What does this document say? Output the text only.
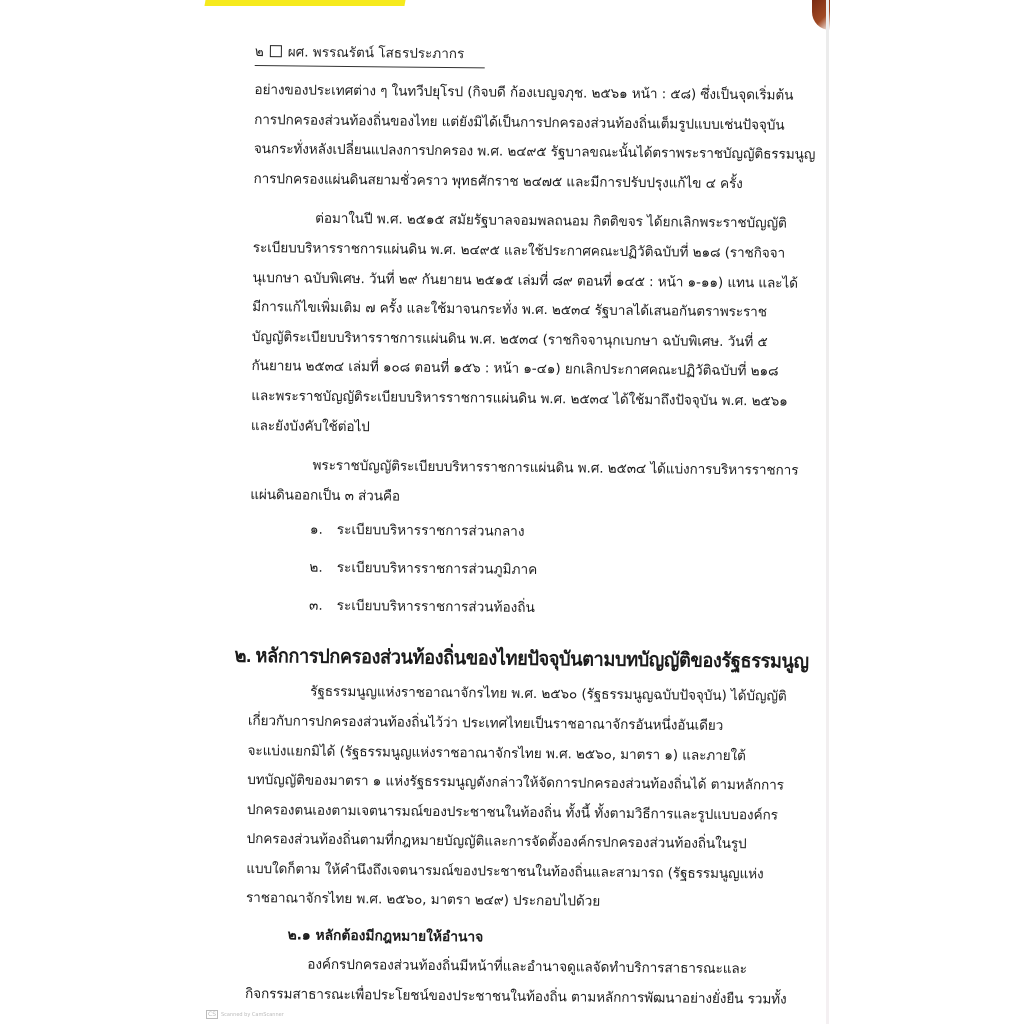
๒ ผศ. พรรณรัตน์ โสธรประภากร

อย่างของประเทศต่าง ๆ ในทวีปยุโรป (กิจบดี ก้องเบญจภุช. ๒๕๖๑ หน้า : ๕๘) ซึ่งเป็นจุดเริ่มต้น

การปกครองส่วนท้องถิ่นของไทย แต่ยังมิได้เป็นการปกครองส่วนท้องถิ่นเต็มรูปแบบเช่นปัจจุบัน

จนกระทั่งหลังเปลี่ยนแปลงการปกครอง พ.ศ. ๒๔๙๕ รัฐบาลขณะนั้นได้ตราพระราชบัญญัติธรรมนูญ

การปกครองแผ่นดินสยามชั่วคราว พุทธศักราช ๒๔๗๕ และมีการปรับปรุงแก้ไข ๔ ครั้ง

ต่อมาในปี พ.ศ. ๒๕๑๕ สมัยรัฐบาลจอมพลถนอม กิตติขจร ได้ยกเลิกพระราชบัญญัติ

ระเบียบบริหารราชการแผ่นดิน พ.ศ. ๒๔๙๕ และใช้ประกาศคณะปฏิวัติฉบับที่ ๒๑๘ (ราชกิจจา

นุเบกษา ฉบับพิเศษ. วันที่ ๒๙ กันยายน ๒๕๑๕ เล่มที่ ๘๙ ตอนที่ ๑๔๕ : หน้า ๑-๑๑) แทน และได้

มีการแก้ไขเพิ่มเติม ๗ ครั้ง และใช้มาจนกระทั่ง พ.ศ. ๒๕๓๔ รัฐบาลได้เสนอกันตราพระราช

บัญญัติระเบียบบริหารราชการแผ่นดิน พ.ศ. ๒๕๓๔ (ราชกิจจานุกเบกษา ฉบับพิเศษ. วันที่ ๕

กันยายน ๒๕๓๔ เล่มที่ ๑๐๘ ตอนที่ ๑๕๖ : หน้า ๑-๔๑) ยกเลิกประกาศคณะปฏิวัติฉบับที่ ๒๑๘

และพระราชบัญญัติระเบียบบริหารราชการแผ่นดิน พ.ศ. ๒๕๓๔ ได้ใช้มาถึงปัจจุบัน พ.ศ. ๒๕๖๑

และยังบังคับใช้ต่อไป

พระราชบัญญัติระเบียบบริหารราชการแผ่นดิน พ.ศ. ๒๕๓๔ ได้แบ่งการบริหารราชการ

แผ่นดินออกเป็น ๓ ส่วนคือ

๑. ระเบียบบริหารราชการส่วนกลาง
๒. ระเบียบบริหารราชการส่วนภูมิภาค
๓. ระเบียบบริหารราชการส่วนท้องถิ่น
๒. หลักการปกครองส่วนท้องถิ่นของไทยปัจจุบันตามบทบัญญัติของรัฐธรรมนูญ

รัฐธรรมนูญแห่งราชอาณาจักรไทย พ.ศ. ๒๕๖๐ (รัฐธรรมนูญฉบับปัจจุบัน) ได้บัญญัติ

เกี่ยวกับการปกครองส่วนท้องถิ่นไว้ว่า ประเทศไทยเป็นราชอาณาจักรอันหนึ่งอันเดียว

จะแบ่งแยกมิได้ (รัฐธรรมนูญแห่งราชอาณาจักรไทย พ.ศ. ๒๕๖๐, มาตรา ๑) และภายใต้

บทบัญญัติของมาตรา ๑ แห่งรัฐธรรมนูญดังกล่าวให้จัดการปกครองส่วนท้องถิ่นได้ ตามหลักการ

ปกครองตนเองตามเจตนารมณ์ของประชาชนในท้องถิ่น ทั้งนี้ ทั้งตามวิธีการและรูปแบบองค์กร

ปกครองส่วนท้องถิ่นตามที่กฎหมายบัญญัติและการจัดตั้งองค์กรปกครองส่วนท้องถิ่นในรูป

แบบใดก็ตาม ให้คำนึงถึงเจตนารมณ์ของประชาชนในท้องถิ่นและสามารถ (รัฐธรรมนูญแห่ง

ราชอาณาจักรไทย พ.ศ. ๒๕๖๐, มาตรา ๒๔๙) ประกอบไปด้วย

๒.๑ หลักต้องมีกฎหมายให้อำนาจ

องค์กรปกครองส่วนท้องถิ่นมีหน้าที่และอำนาจดูแลจัดทำบริการสาธารณะและ

กิจกรรมสาธารณะเพื่อประโยชน์ของประชาชนในท้องถิ่น ตามหลักการพัฒนาอย่างยั่งยืน รวมทั้ง

CS	Scanned by CamScanner
